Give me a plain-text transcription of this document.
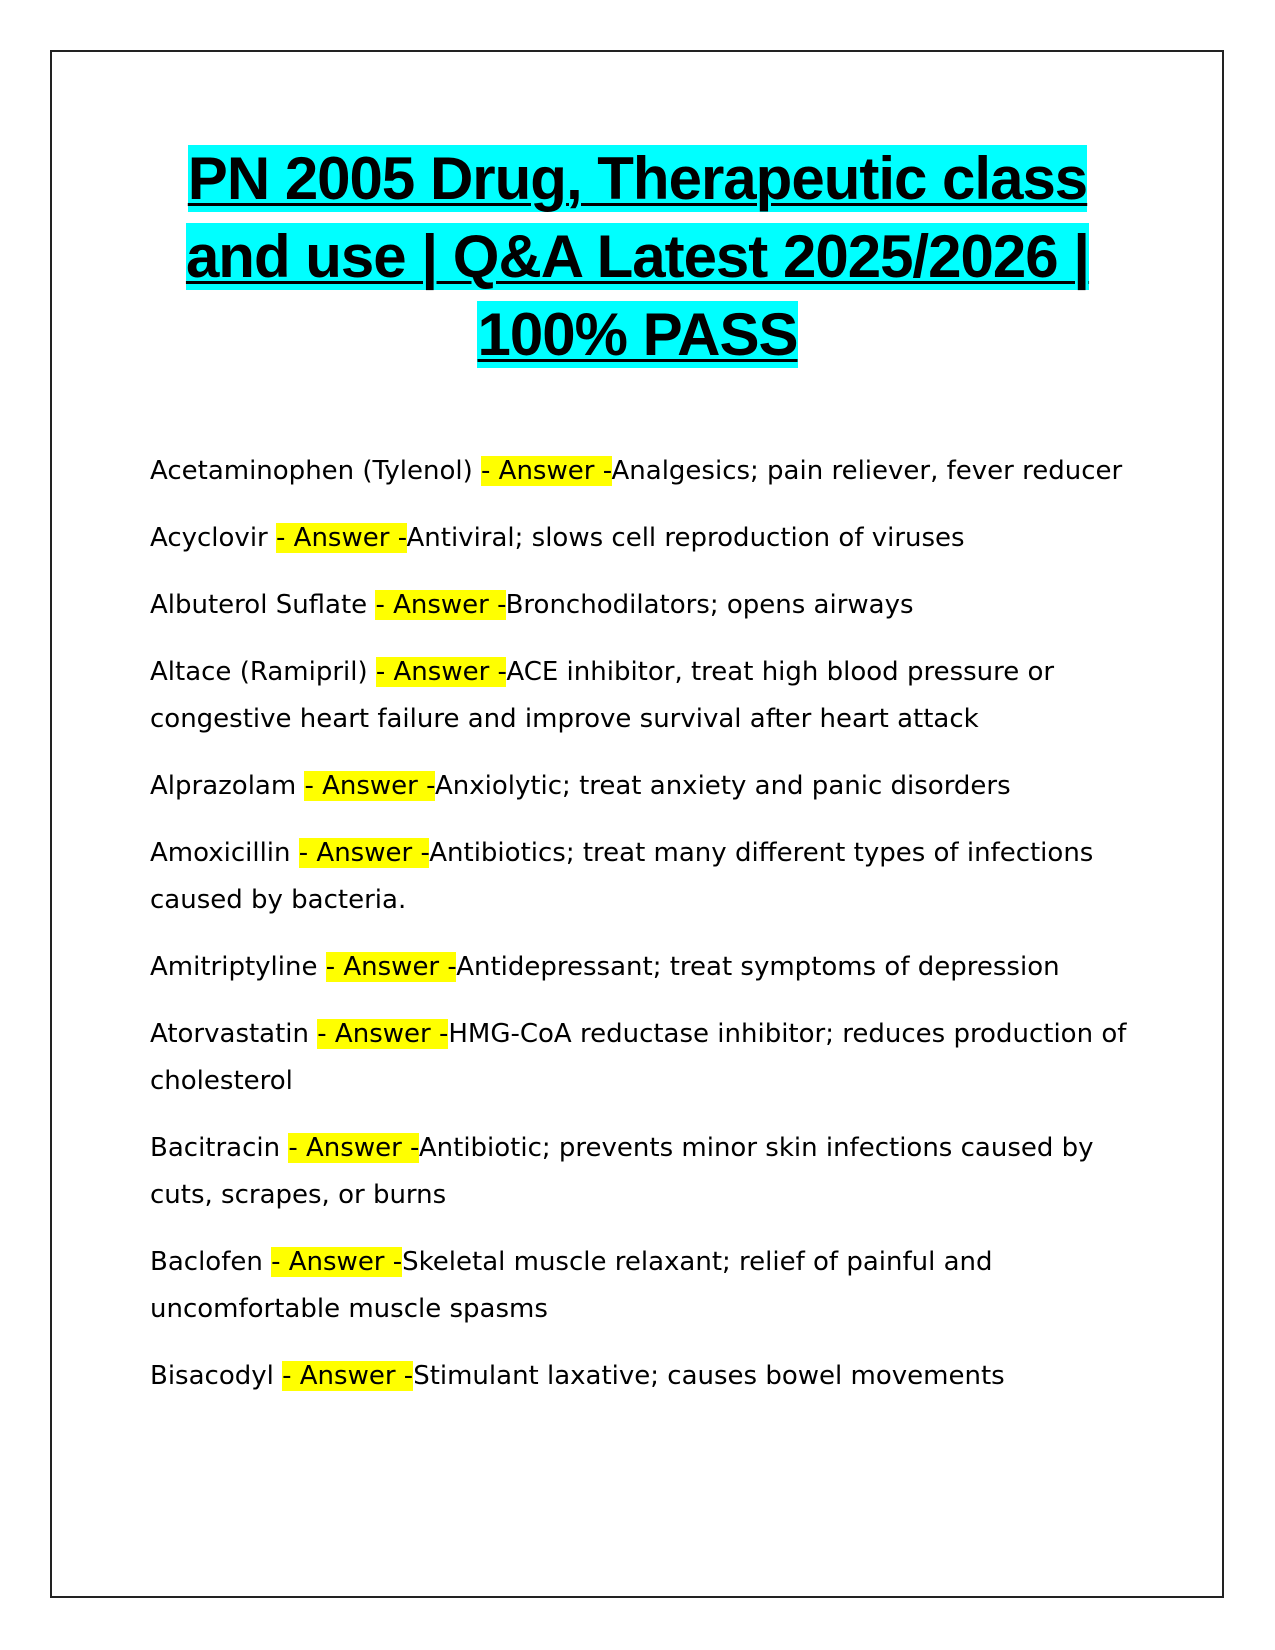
PN 2005 Drug, Therapeutic class and use | Q&A Latest 2025/2026 | 100% PASS
Acetaminophen (Tylenol) - Answer -Analgesics; pain reliever, fever reducer
Acyclovir - Answer -Antiviral; slows cell reproduction of viruses
Albuterol Suflate - Answer -Bronchodilators; opens airways
Altace (Ramipril) - Answer -ACE inhibitor, treat high blood pressure or congestive heart failure and improve survival after heart attack
Alprazolam - Answer -Anxiolytic; treat anxiety and panic disorders
Amoxicillin - Answer -Antibiotics; treat many different types of infections caused by bacteria.
Amitriptyline - Answer -Antidepressant; treat symptoms of depression
Atorvastatin - Answer -HMG-CoA reductase inhibitor; reduces production of cholesterol
Bacitracin - Answer -Antibiotic; prevents minor skin infections caused by cuts, scrapes, or burns
Baclofen - Answer -Skeletal muscle relaxant; relief of painful and uncomfortable muscle spasms
Bisacodyl - Answer -Stimulant laxative; causes bowel movements
